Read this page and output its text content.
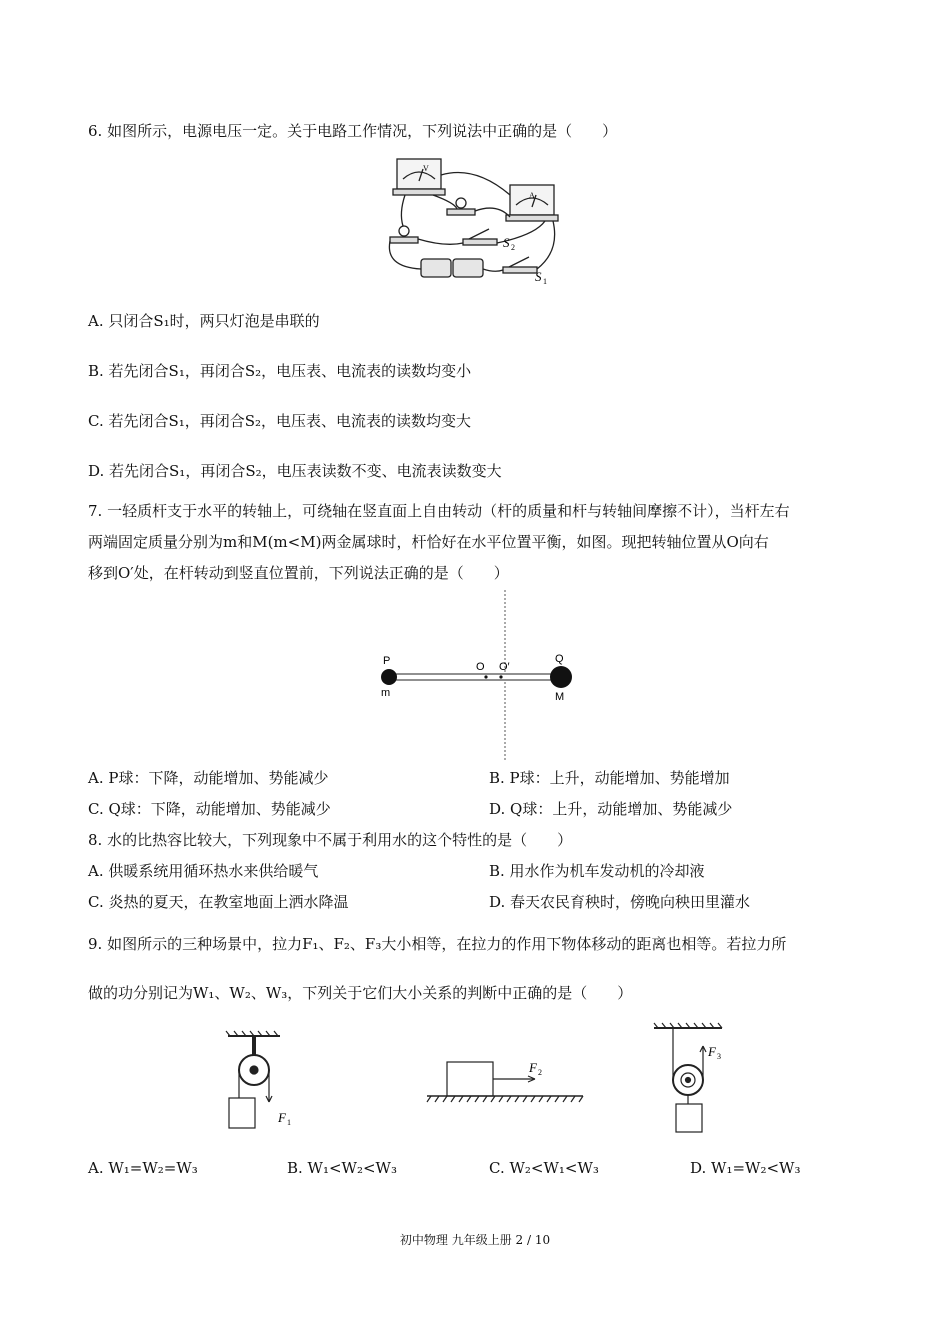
6. 如图所示，电源电压一定。关于电路工作情况，下列说法中正确的是（　　）
V
A
S 2
S 1
A. 只闭合S₁时，两只灯泡是串联的
B. 若先闭合S₁，再闭合S₂，电压表、电流表的读数均变小
C. 若先闭合S₁，再闭合S₂，电压表、电流表的读数均变大
D. 若先闭合S₁，再闭合S₂，电压表读数不变、电流表读数变大
7. 一轻质杆支于水平的转轴上，可绕轴在竖直面上自由转动（杆的质量和杆与转轴间摩擦不计），当杆左右
两端固定质量分别为m和M(m<M)两金属球时，杆恰好在水平位置平衡，如图。现把转轴位置从O向右
移到O′处，在杆转动到竖直位置前，下列说法正确的是（　　）
P
m
O O′
Q
M
A. P球：下降，动能增加、势能减少	B. P球：上升，动能增加、势能增加
C. Q球：下降，动能增加、势能减少	D. Q球：上升，动能增加、势能减少
8. 水的比热容比较大，下列现象中不属于利用水的这个特性的是（　　）
A. 供暖系统用循环热水来供给暖气	B. 用水作为机车发动机的冷却液
C. 炎热的夏天，在教室地面上洒水降温	D. 春天农民育秧时，傍晚向秧田里灌水
9. 如图所示的三种场景中，拉力F₁、F₂、F₃大小相等，在拉力的作用下物体移动的距离也相等。若拉力所
做的功分别记为W₁、W₂、W₃，下列关于它们大小关系的判断中正确的是（　　）
F 1
F 2
F 3
A. W₁=W₂=W₃	B. W₁<W₂<W₃	C. W₂<W₁<W₃	D. W₁=W₂<W₃
初中物理 九年级上册 2 / 10
